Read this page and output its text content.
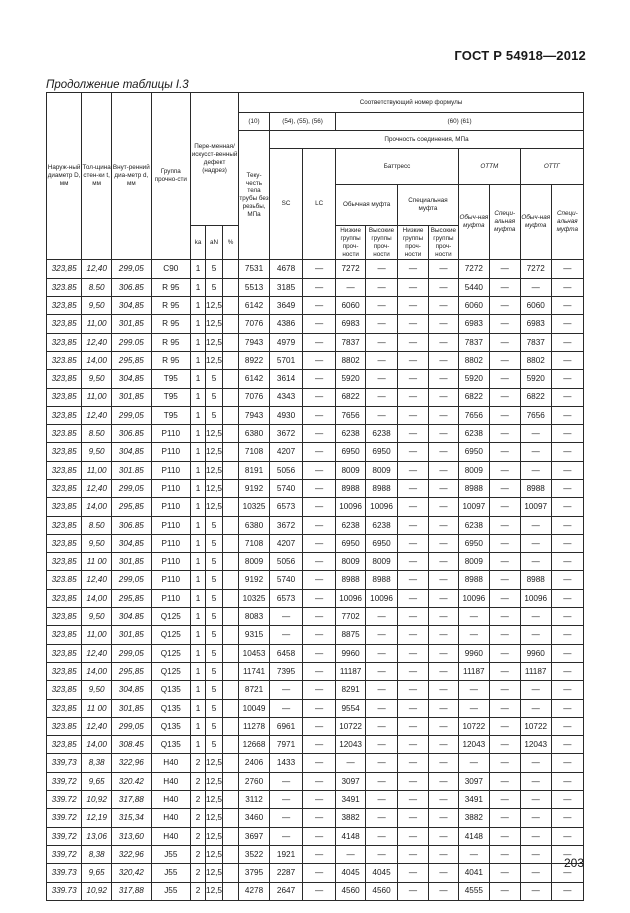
ГОСТ Р 54918—2012
Продолжение таблицы I.3
Наруж-ный диаметр D, мм	Тол-щина стен-ки t, мм	Внут-ренний диа-метр d, мм	Группа прочно-сти	Пере-менная/ искусст-венный дефект (надрез)			Соответствующий номер формулы										
							(10)	(54), (55), (56)		(60) (61)							
							Теку-честь тела трубы без резьбы, МПа	Прочность соединения, МПа									
								SC	LC	Баттресс				ОТТМ		ОТТГ	
										Обычная муфта		Специальная муфта		Обыч-ная муфта	Специ-альная муфта	Обыч-ная муфта	Специ-альная муфта
				kа	aN	%				Низкие группы проч-ности	Высокие группы проч-ности	Низкие группы проч-ности	Высокие группы проч-ности				
323,85	12,40	299,05	C90	1	5		7531	4678	—	7272	—	—	—	7272	—	7272	—
323.85	8.50	306.85	R 95	1	5		5513	3185	—	—	—	—	—	5440	—	—	—
323,85	9,50	304,85	R 95	1	12,5		6142	3649	—	6060	—	—	—	6060	—	6060	—
323,85	11,00	301,85	R 95	1	12,5		7076	4386	—	6983	—	—	—	6983	—	6983	—
323,85	12,40	299.05	R 95	1	12,5		7943	4979	—	7837	—	—	—	7837	—	7837	—
323.85	14,00	295,85	R 95	1	12,5		8922	5701	—	8802	—	—	—	8802	—	8802	—
323,85	9,50	304,85	T95	1	5		6142	3614	—	5920	—	—	—	5920	—	5920	—
323,85	11,00	301,85	T95	1	5		7076	4343	—	6822	—	—	—	6822	—	6822	—
323,85	12,40	299,05	T95	1	5		7943	4930	—	7656	—	—	—	7656	—	7656	—
323.85	8.50	306.85	P110	1	12,5		6380	3672	—	6238	6238	—	—	6238	—	—	—
323,85	9,50	304,85	P110	1	12,5		7108	4207	—	6950	6950	—	—	6950	—	—	—
323,85	11,00	301.85	P110	1	12,5		8191	5056	—	8009	8009	—	—	8009	—	—	—
323,85	12,40	299,05	P110	1	12,5		9192	5740	—	8988	8988	—	—	8988	—	8988	—
323,85	14,00	295,85	P110	1	12,5		10325	6573	—	10096	10096	—	—	10097	—	10097	—
323,85	8.50	306.85	P110	1	5		6380	3672	—	6238	6238	—	—	6238	—	—	—
323,85	9,50	304,85	P110	1	5		7108	4207	—	6950	6950	—	—	6950	—	—	—
323,85	11 00	301,85	P110	1	5		8009	5056	—	8009	8009	—	—	8009	—	—	—
323.85	12,40	299,05	P110	1	5		9192	5740	—	8988	8988	—	—	8988	—	8988	—
323,85	14,00	295,85	P110	1	5		10325	6573	—	10096	10096	—	—	10096	—	10096	—
323,85	9,50	304.85	Q125	1	5		8083	—	—	7702	—	—	—	—	—	—	—
323,85	11,00	301,85	Q125	1	5		9315	—	—	8875	—	—	—	—	—	—	—
323,85	12,40	299,05	Q125	1	5		10453	6458	—	9960	—	—	—	9960	—	9960	—
323,85	14,00	295,85	Q125	1	5		11741	7395	—	11187	—	—	—	11187	—	11187	—
323,85	9,50	304,85	Q135	1	5		8721	—	—	8291	—	—	—	—	—	—	—
323,85	11 00	301,85	Q135	1	5		10049	—	—	9554	—	—	—	—	—	—	—
323.85	12,40	299,05	Q135	1	5		11278	6961	—	10722	—	—	—	10722	—	10722	—
323,85	14,00	308.45	Q135	1	5		12668	7971	—	12043	—	—	—	12043	—	12043	—
339,73	8,38	322,96	H40	2	12,5		2406	1433	—	—	—	—	—	—	—	—	—
339,72	9,65	320.42	H40	2	12,5		2760	—	—	3097	—	—	—	3097	—	—	—
339.72	10,92	317,88	H40	2	12,5		3112	—	—	3491	—	—	—	3491	—	—	—
339.72	12,19	315,34	H40	2	12,5		3460	—	—	3882	—	—	—	3882	—	—	—
339,72	13,06	313,60	H40	2	12,5		3697	—	—	4148	—	—	—	4148	—	—	—
339,72	8,38	322,96	J55	2	12,5		3522	1921	—	—	—	—	—	—	—	—	—
339.73	9,65	320,42	J55	2	12,5		3795	2287	—	4045	4045	—	—	4041	—	—	—
339.73	10,92	317,88	J55	2	12,5		4278	2647	—	4560	4560	—	—	4555	—	—	—
203
